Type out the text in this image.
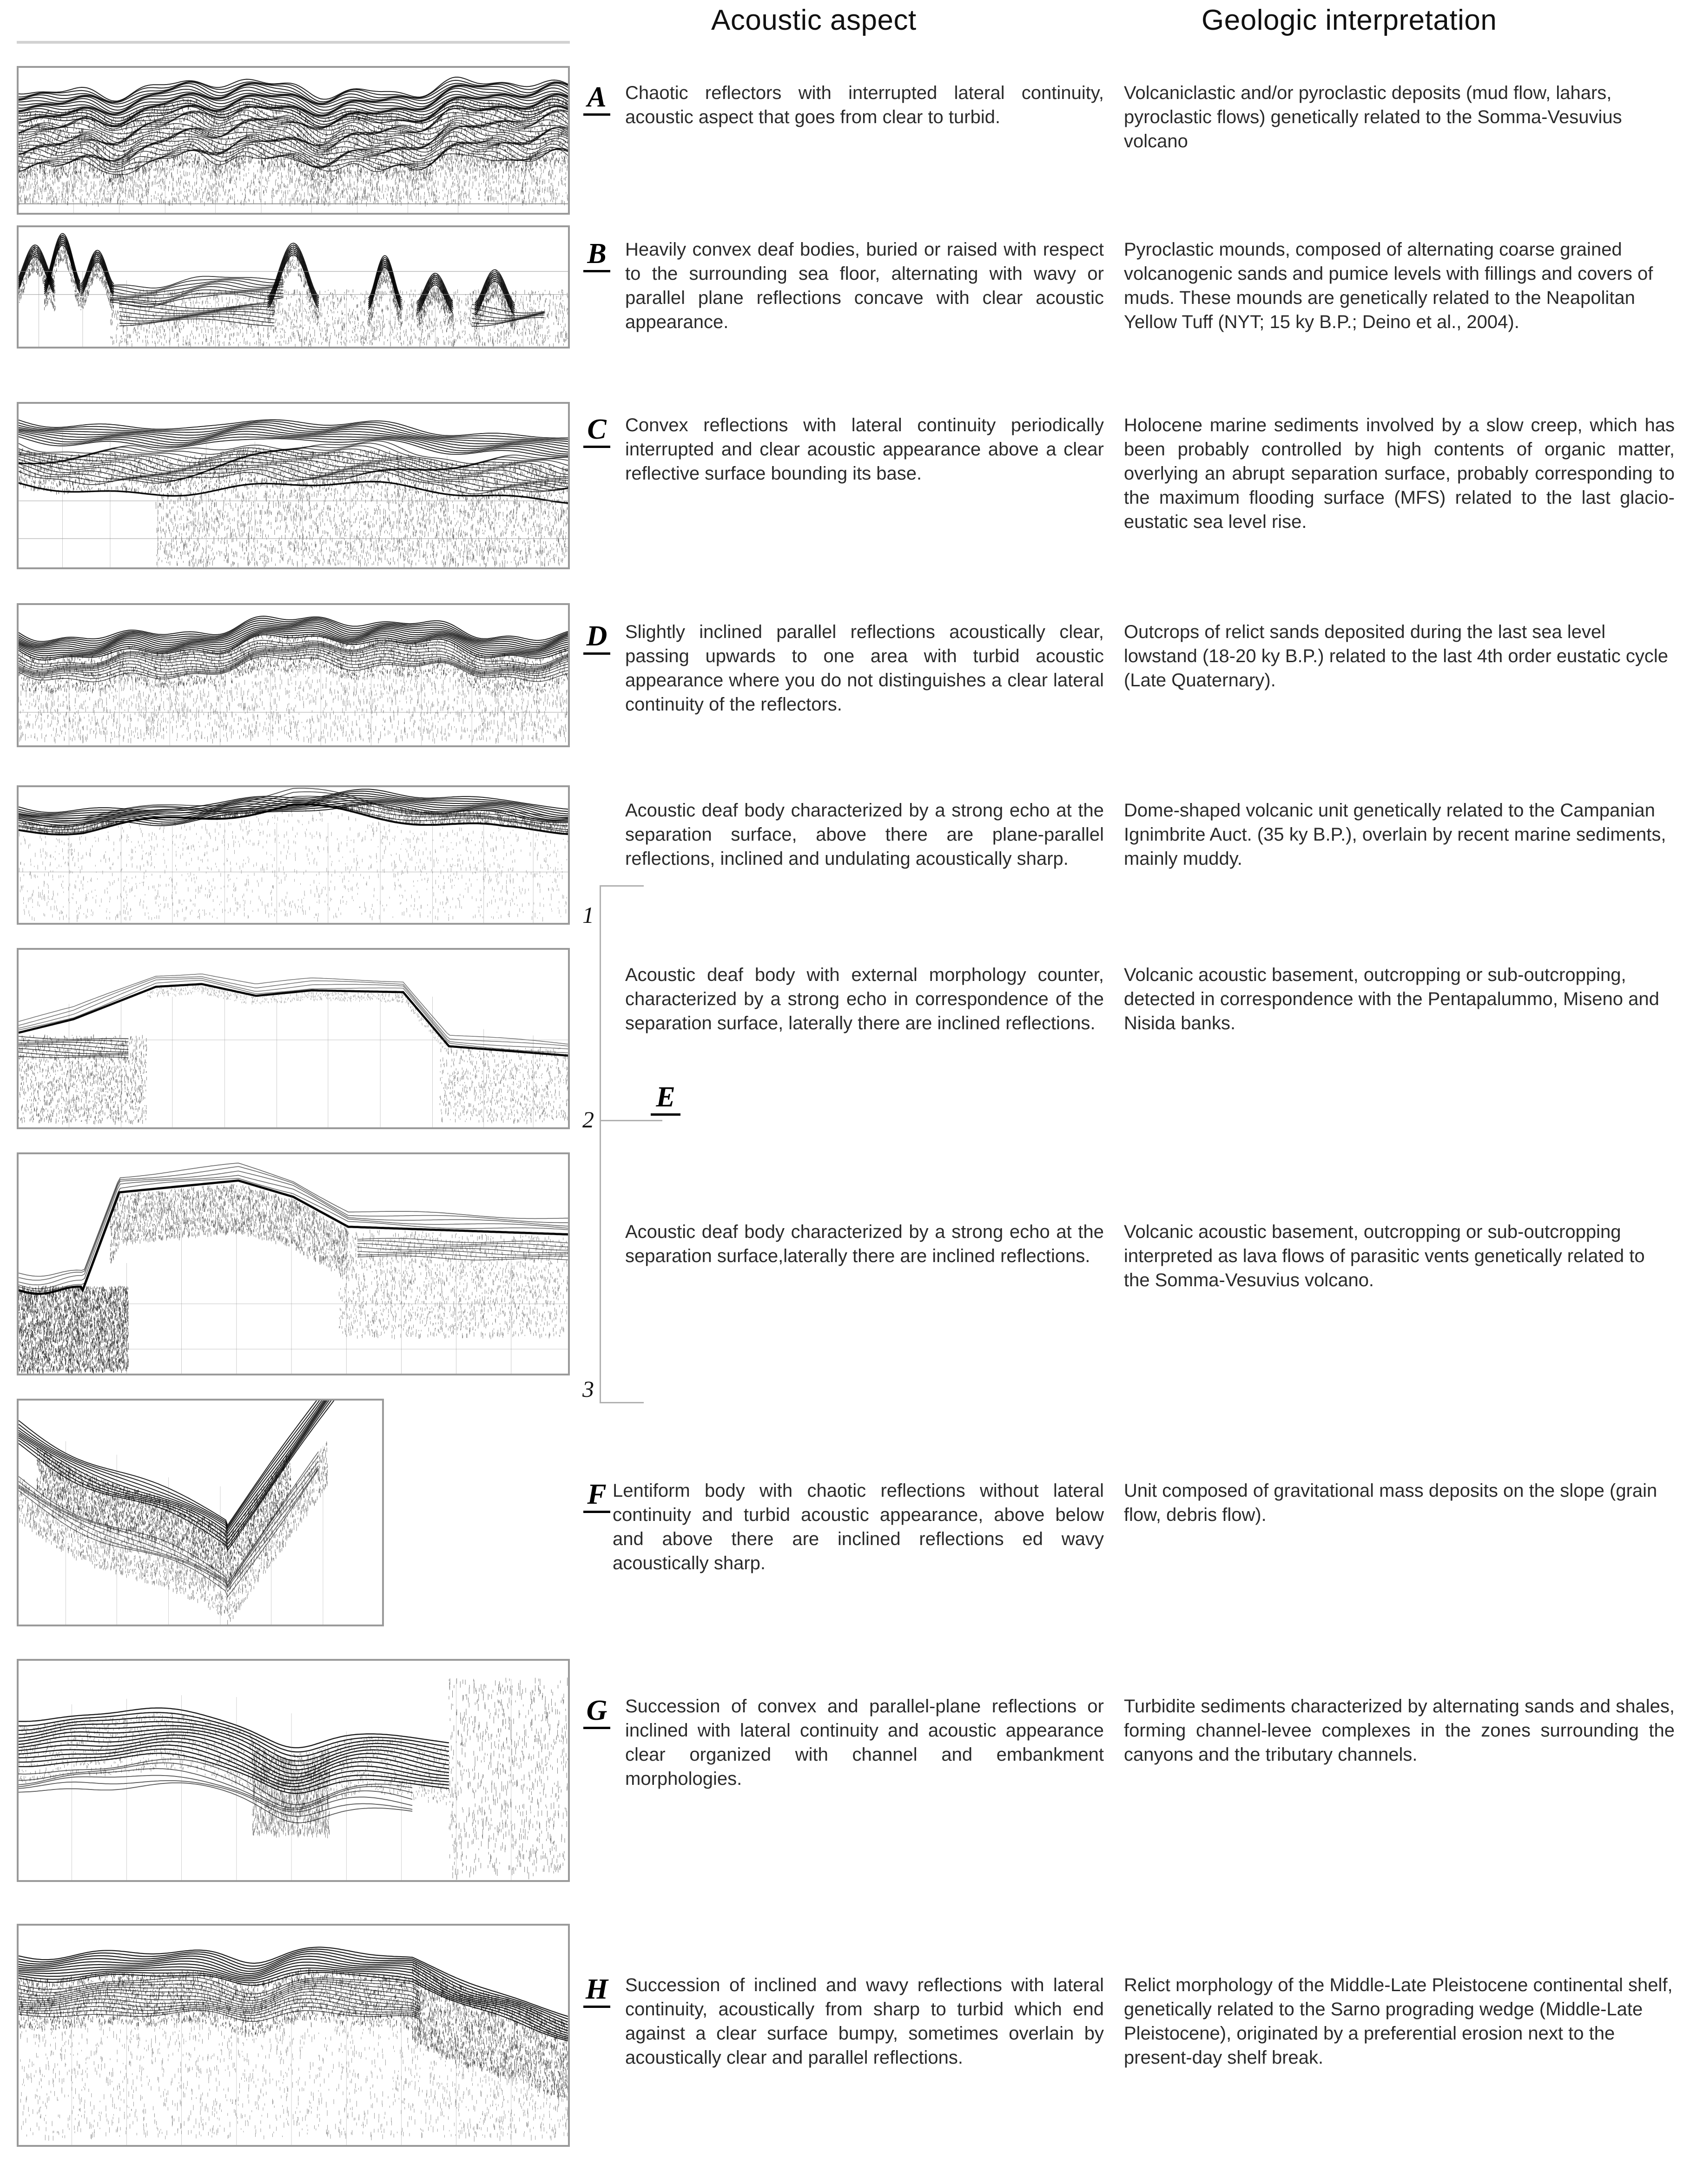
Acoustic aspect	Geologic interpretation
A Chaotic reflectors with interrupted lateral continuity, acoustic aspect that goes from clear to turbid.
Volcaniclastic and/or pyroclastic deposits (mud flow, lahars, pyroclastic flows) genetically related to the Somma-Vesuvius volcano
B Heavily convex deaf bodies, buried or raised with respect to the surrounding sea floor, alternating with wavy or parallel plane reflections concave with clear acoustic appearance.
Pyroclastic mounds, composed of alternating coarse grained volcanogenic sands and pumice levels with fillings and covers of muds. These mounds are genetically related to the Neapolitan Yellow Tuff (NYT; 15 ky B.P.; Deino et al., 2004).
C Convex reflections with lateral continuity periodically interrupted and clear acoustic appearance above a clear reflective surface bounding its base.
Holocene marine sediments involved by a slow creep, which has been probably controlled by high contents of organic matter, overlying an abrupt separation surface, probably corresponding to the maximum flooding surface (MFS) related to the last glacio-eustatic sea level rise.
D Slightly inclined parallel reflections acoustically clear, passing upwards to one area with turbid acoustic appearance where you do not distinguishes a clear lateral continuity of the reflectors.
Outcrops of relict sands deposited during the last sea level lowstand (18-20 ky B.P.) related to the last 4th order eustatic cycle (Late Quaternary).
Acoustic deaf body characterized by a strong echo at the separation surface, above there are plane-parallel reflections, inclined and undulating acoustically sharp.
Dome-shaped volcanic unit genetically related to the Campanian Ignimbrite Auct. (35 ky B.P.), overlain by recent marine sediments, mainly muddy.
1
Acoustic deaf body with external morphology counter, characterized by a strong echo in correspondence of the separation surface, laterally there are inclined reflections.
Volcanic acoustic basement, outcropping or sub-outcropping, detected in correspondence with the Pentapalummo, Miseno and Nisida banks.
2
E
Acoustic deaf body characterized by a strong echo at the separation surface,laterally there are inclined reflections.
Volcanic acoustic basement, outcropping or sub-outcropping interpreted as lava flows of parasitic vents genetically related to the Somma-Vesuvius volcano.
3
F Lentiform body with chaotic reflections without lateral continuity and turbid acoustic appearance, above below and above there are inclined reflections ed wavy acoustically sharp.
Unit composed of gravitational mass deposits on the slope (grain flow, debris flow).
G Succession of convex and parallel-plane reflections or inclined with lateral continuity and acoustic appearance clear organized with channel and embankment morphologies.
Turbidite sediments characterized by alternating sands and shales, forming channel-levee complexes in the zones surrounding the canyons and the tributary channels.
H Succession of inclined and wavy reflections with lateral continuity, acoustically from sharp to turbid which end against a clear surface bumpy, sometimes overlain by acoustically clear and parallel reflections.
Relict morphology of the Middle-Late Pleistocene continental shelf, genetically related to the Sarno prograding wedge (Middle-Late Pleistocene), originated by a preferential erosion next to the present-day shelf break.
